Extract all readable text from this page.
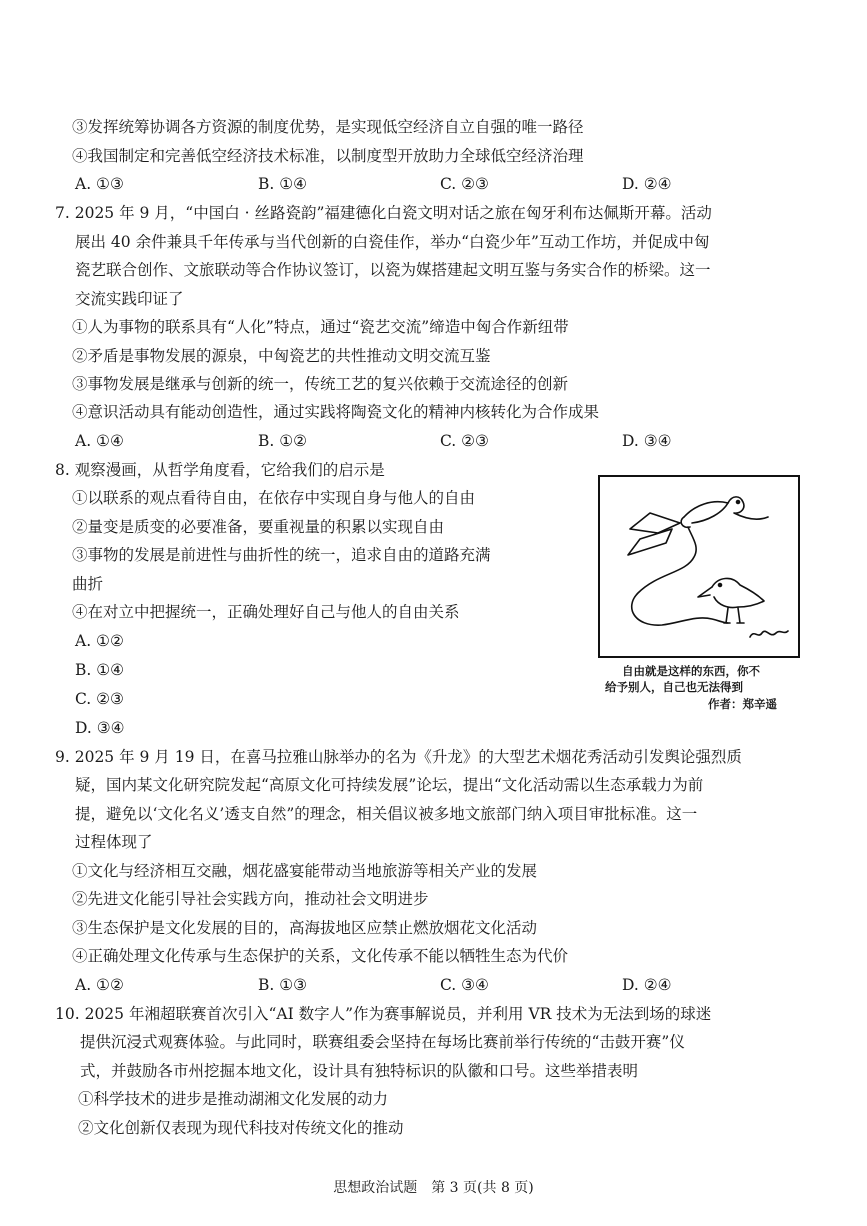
③发挥统筹协调各方资源的制度优势，是实现低空经济自立自强的唯一路径
④我国制定和完善低空经济技术标准，以制度型开放助力全球低空经济治理
A. ①③	B. ①④	C. ②③	D. ②④
7. 2025 年 9 月，“中国白 · 丝路瓷韵”福建德化白瓷文明对话之旅在匈牙利布达佩斯开幕。活动
展出 40 余件兼具千年传承与当代创新的白瓷佳作，举办“白瓷少年”互动工作坊，并促成中匈
瓷艺联合创作、文旅联动等合作协议签订，以瓷为媒搭建起文明互鉴与务实合作的桥梁。这一
交流实践印证了
①人为事物的联系具有“人化”特点，通过“瓷艺交流”缔造中匈合作新纽带
②矛盾是事物发展的源泉，中匈瓷艺的共性推动文明交流互鉴
③事物发展是继承与创新的统一，传统工艺的复兴依赖于交流途径的创新
④意识活动具有能动创造性，通过实践将陶瓷文化的精神内核转化为合作成果
A. ①④	B. ①②	C. ②③	D. ③④
8. 观察漫画，从哲学角度看，它给我们的启示是
①以联系的观点看待自由，在依存中实现自身与他人的自由
②量变是质变的必要准备，要重视量的积累以实现自由
③事物的发展是前进性与曲折性的统一，追求自由的道路充满
曲折
④在对立中把握统一，正确处理好自己与他人的自由关系
A. ①②
B. ①④
C. ②③
D. ③④
自由就是这样的东西，你不
给予别人，自己也无法得到
作者：郑辛遥
9. 2025 年 9 月 19 日，在喜马拉雅山脉举办的名为《升龙》的大型艺术烟花秀活动引发舆论强烈质
疑，国内某文化研究院发起“高原文化可持续发展”论坛，提出“文化活动需以生态承载力为前
提，避免以‘文化名义’透支自然”的理念，相关倡议被多地文旅部门纳入项目审批标准。这一
过程体现了
①文化与经济相互交融，烟花盛宴能带动当地旅游等相关产业的发展
②先进文化能引导社会实践方向，推动社会文明进步
③生态保护是文化发展的目的，高海拔地区应禁止燃放烟花文化活动
④正确处理文化传承与生态保护的关系，文化传承不能以牺牲生态为代价
A. ①②	B. ①③	C. ③④	D. ②④
10. 2025 年湘超联赛首次引入“AI 数字人”作为赛事解说员，并利用 VR 技术为无法到场的球迷
提供沉浸式观赛体验。与此同时，联赛组委会坚持在每场比赛前举行传统的“击鼓开赛”仪
式，并鼓励各市州挖掘本地文化，设计具有独特标识的队徽和口号。这些举措表明
①科学技术的进步是推动湖湘文化发展的动力
②文化创新仅表现为现代科技对传统文化的推动
思想政治试题　第 3 页(共 8 页)
